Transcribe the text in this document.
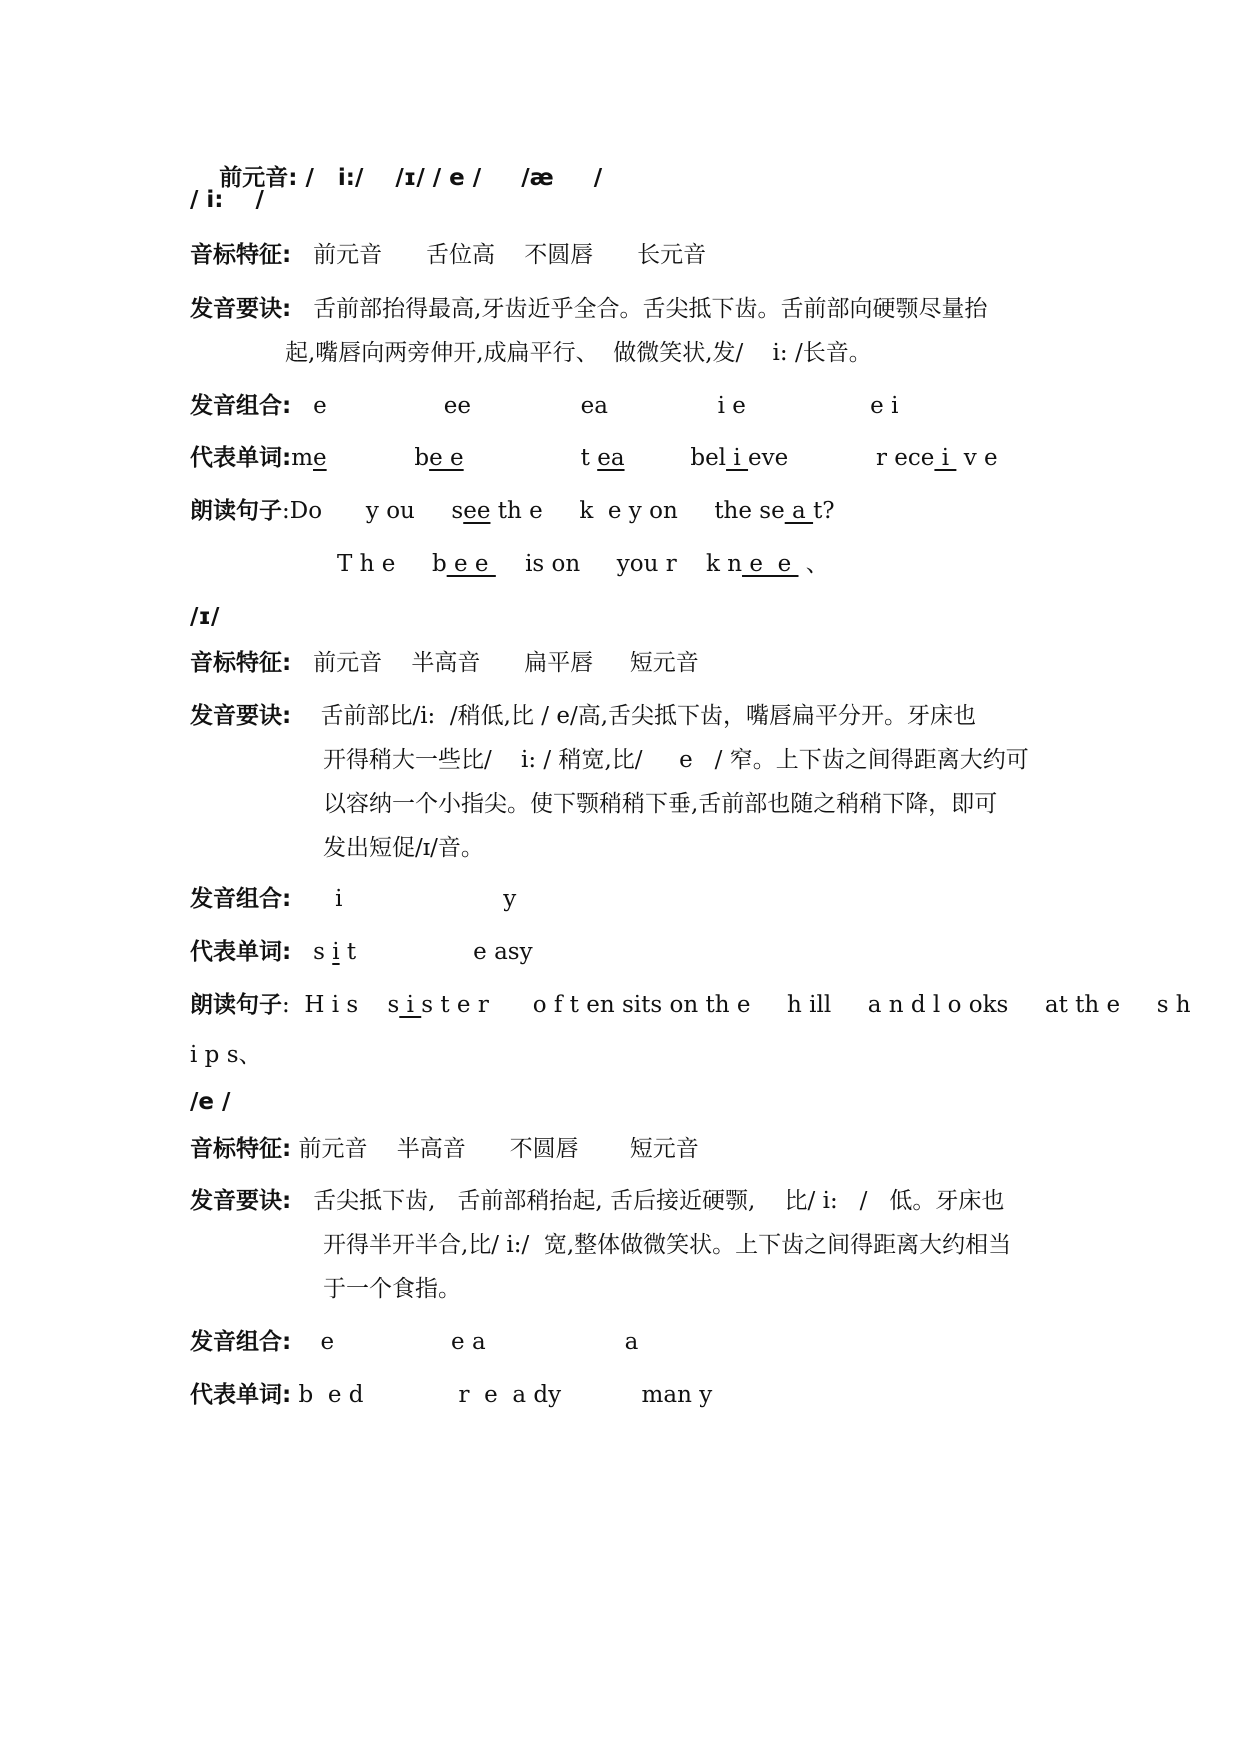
前元音: /   i:/    /ɪ/ / e /     /æ     /

/ i:    /
音标特征:   前元音      舌位高    不圆唇      长元音
发音要诀:   舌前部抬得最高,牙齿近乎全合。舌尖抵下齿。舌前部向硬颚尽量抬
起,嘴唇向两旁伸开,成扁平行、  做微笑状,发/    i: /长音。
发音组合:   e                ee               ea               i e                 e i
代表单词:me	be e	t ea	bel i eve            r ece i  v e
朗读句子:Do      y ou     see th e     k  e y on     the se a t?
T h e     b e e     is on     you r    k n e  e  、
/ɪ/
音标特征:   前元音    半高音      扁平唇     短元音
发音要诀:    舌前部比/i:  /稍低,比 / e/高,舌尖抵下齿，嘴唇扁平分开。牙床也
开得稍大一些比/    i: / 稍宽,比/     e   / 窄。上下齿之间得距离大约可
以容纳一个小指尖。使下颚稍稍下垂,舌前部也随之稍稍下降，即可
发出短促/ɪ/音。
发音组合:      i                      y
代表单词:   s i t                e asy
朗读句子:  H i s    s i s t e r      o f t en sits on th e     h ill     a n d l o oks     at th e     s h
i p s、
/e /
音标特征: 前元音    半高音      不圆唇       短元音
发音要诀:   舌尖抵下齿,   舌前部稍抬起, 舌后接近硬颚,    比/ i:   /   低。牙床也
开得半开半合,比/ i:/  宽,整体做微笑状。上下齿之间得距离大约相当
于一个食指。
发音组合:    e                e a                   a
代表单词: b  e d             r  e  a dy           man y
